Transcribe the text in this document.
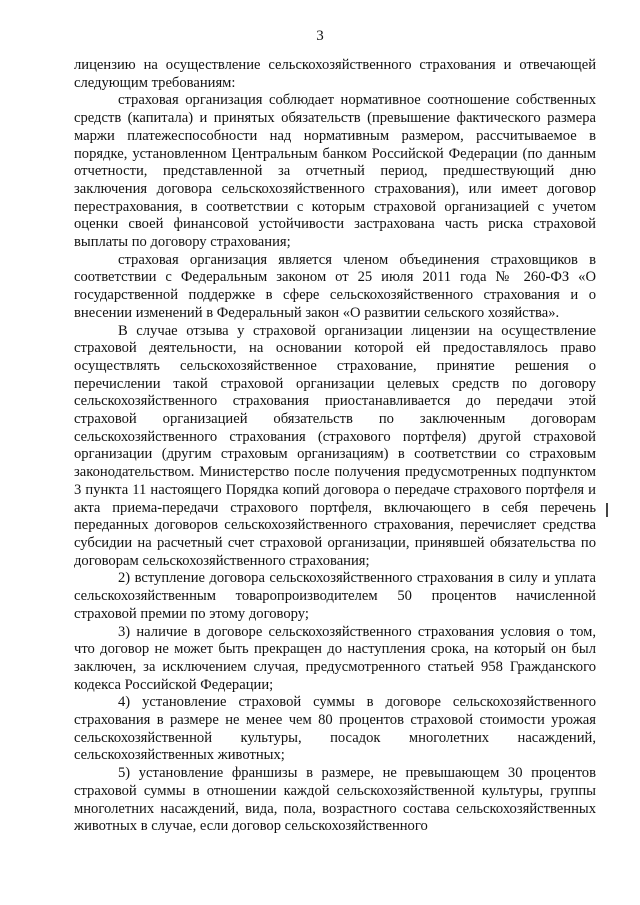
3

лицензию на осуществление сельскохозяйственного страхования и отвечающей следующим требованиям:

страховая организация соблюдает нормативное соотношение собственных средств (капитала) и принятых обязательств (превышение фактического размера маржи платежеспособности над нормативным размером, рассчитываемое в порядке, установленном Центральным банком Российской Федерации (по данным отчетности, представленной за отчетный период, предшествующий дню заключения договора сельскохозяйственного страхования), или имеет договор перестрахования, в соответствии с которым страховой организацией с учетом оценки своей финансовой устойчивости застрахована часть риска страховой выплаты по договору страхования;

страховая организация является членом объединения страховщиков в соответствии с Федеральным законом от 25 июля 2011 года № 260-ФЗ «О государственной поддержке в сфере сельскохозяйственного страхования и о внесении изменений в Федеральный закон «О развитии сельского хозяйства».

В случае отзыва у страховой организации лицензии на осуществление страховой деятельности, на основании которой ей предоставлялось право осуществлять сельскохозяйственное страхование, принятие решения о перечислении такой страховой организации целевых средств по договору сельскохозяйственного страхования приостанавливается до передачи этой страховой организацией обязательств по заключенным договорам сельскохозяйственного страхования (страхового портфеля) другой страховой организации (другим страховым организациям) в соответствии со страховым законодательством. Министерство после получения предусмотренных подпунктом 3 пункта 11 настоящего Порядка копий договора о передаче страхового портфеля и акта приема-передачи страхового портфеля, включающего в себя перечень переданных договоров сельскохозяйственного страхования, перечисляет средства субсидии на расчетный счет страховой организации, принявшей обязательства по договорам сельскохозяйственного страхования;

2) вступление договора сельскохозяйственного страхования в силу и уплата сельскохозяйственным товаропроизводителем 50 процентов начисленной страховой премии по этому договору;

3) наличие в договоре сельскохозяйственного страхования условия о том, что договор не может быть прекращен до наступления срока, на который он был заключен, за исключением случая, предусмотренного статьей 958 Гражданского кодекса Российской Федерации;

4) установление страховой суммы в договоре сельскохозяйственного страхования в размере не менее чем 80 процентов страховой стоимости урожая сельскохозяйственной культуры, посадок многолетних насаждений, сельскохозяйственных животных;

5) установление франшизы в размере, не превышающем 30 процентов страховой суммы в отношении каждой сельскохозяйственной культуры, группы многолетних насаждений, вида, пола, возрастного состава сельскохозяйственных животных в случае, если договор сельскохозяйственного
